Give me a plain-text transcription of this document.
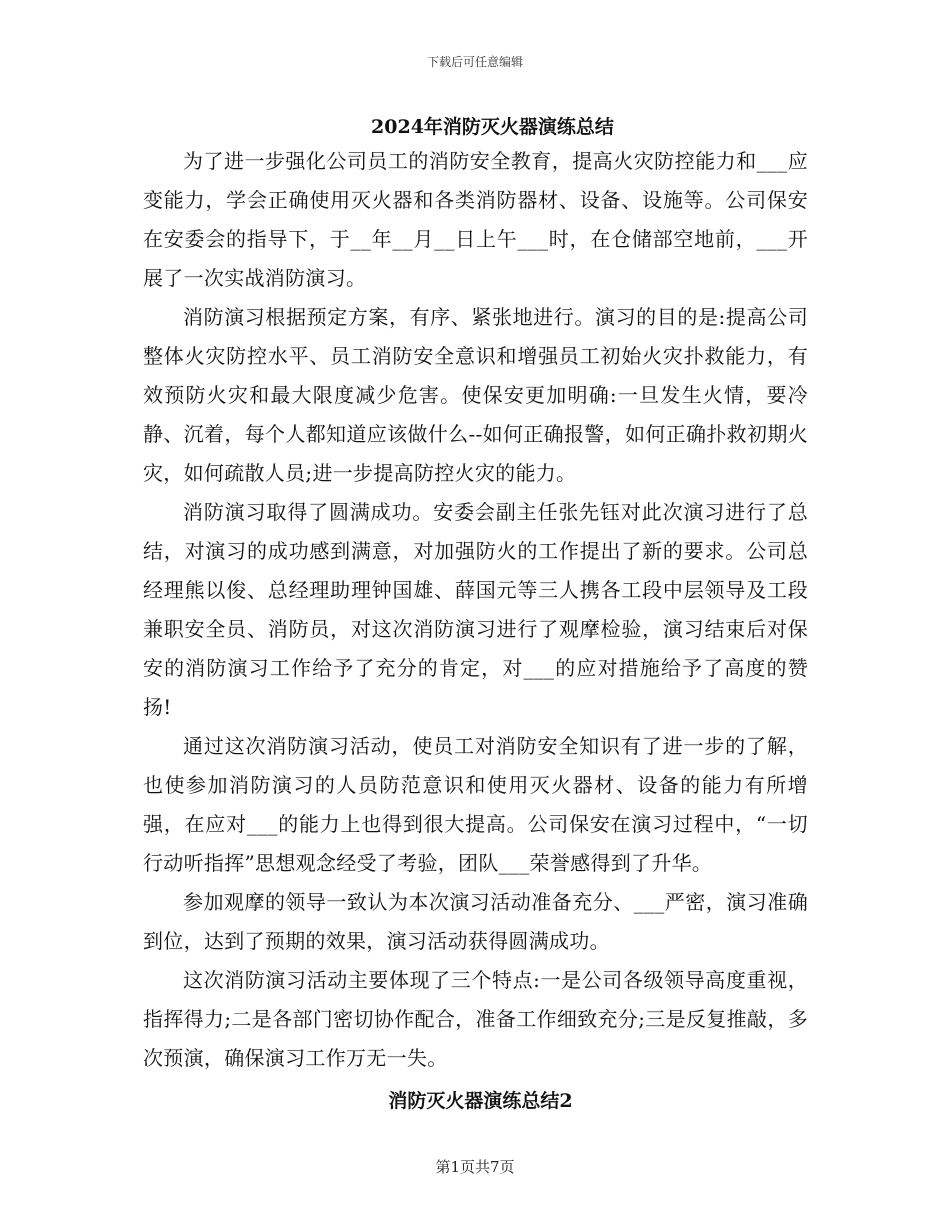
下载后可任意编辑
2024年消防灭火器演练总结

为了进一步强化公司员工的消防安全教育，提高火灾防控能力和___应变能力，学会正确使用灭火器和各类消防器材、设备、设施等。公司保安在安委会的指导下，于__年__月__日上午___时，在仓储部空地前，___开展了一次实战消防演习。

消防演习根据预定方案，有序、紧张地进行。演习的目的是:提高公司整体火灾防控水平、员工消防安全意识和增强员工初始火灾扑救能力，有效预防火灾和最大限度减少危害。使保安更加明确:一旦发生火情，要冷静、沉着，每个人都知道应该做什么--如何正确报警，如何正确扑救初期火灾，如何疏散人员;进一步提高防控火灾的能力。

消防演习取得了圆满成功。安委会副主任张先钰对此次演习进行了总结，对演习的成功感到满意，对加强防火的工作提出了新的要求。公司总经理熊以俊、总经理助理钟国雄、薛国元等三人携各工段中层领导及工段兼职安全员、消防员，对这次消防演习进行了观摩检验，演习结束后对保安的消防演习工作给予了充分的肯定，对___的应对措施给予了高度的赞扬!

通过这次消防演习活动，使员工对消防安全知识有了进一步的了解，也使参加消防演习的人员防范意识和使用灭火器材、设备的能力有所增强，在应对___的能力上也得到很大提高。公司保安在演习过程中，“一切行动听指挥”思想观念经受了考验，团队___荣誉感得到了升华。

参加观摩的领导一致认为本次演习活动准备充分、___严密，演习准确到位，达到了预期的效果，演习活动获得圆满成功。

这次消防演习活动主要体现了三个特点:一是公司各级领导高度重视，指挥得力;二是各部门密切协作配合，准备工作细致充分;三是反复推敲，多次预演，确保演习工作万无一失。

消防灭火器演练总结2
第1页共7页
